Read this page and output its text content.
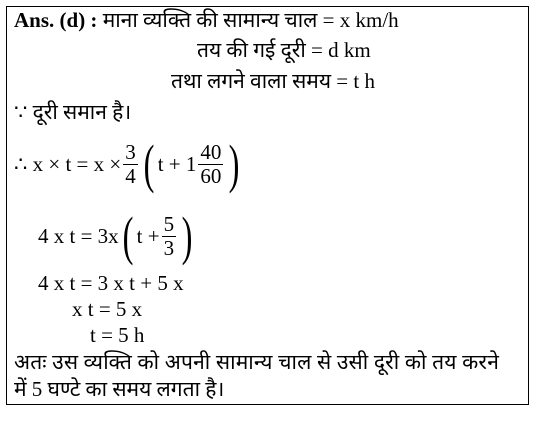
Ans. (d) : माना व्यक्ति की सामान्य चाल = x km/h
तय की गई दूरी = d km
तथा लगने वाला समय = t h
∵ दूरी समान है।
∴ $x \times t = x \times \frac{3}{4}$ ( $t + 1 \frac{40}{60}$ )
4 x t = 3x ( $t + \frac{5}{3}$ )
4 x t = 3 x t + 5 x
x t = 5 x
t = 5 h
अतः उस व्यक्ति को अपनी सामान्य चाल से उसी दूरी को तय करने
में 5 घण्टे का समय लगता है।
